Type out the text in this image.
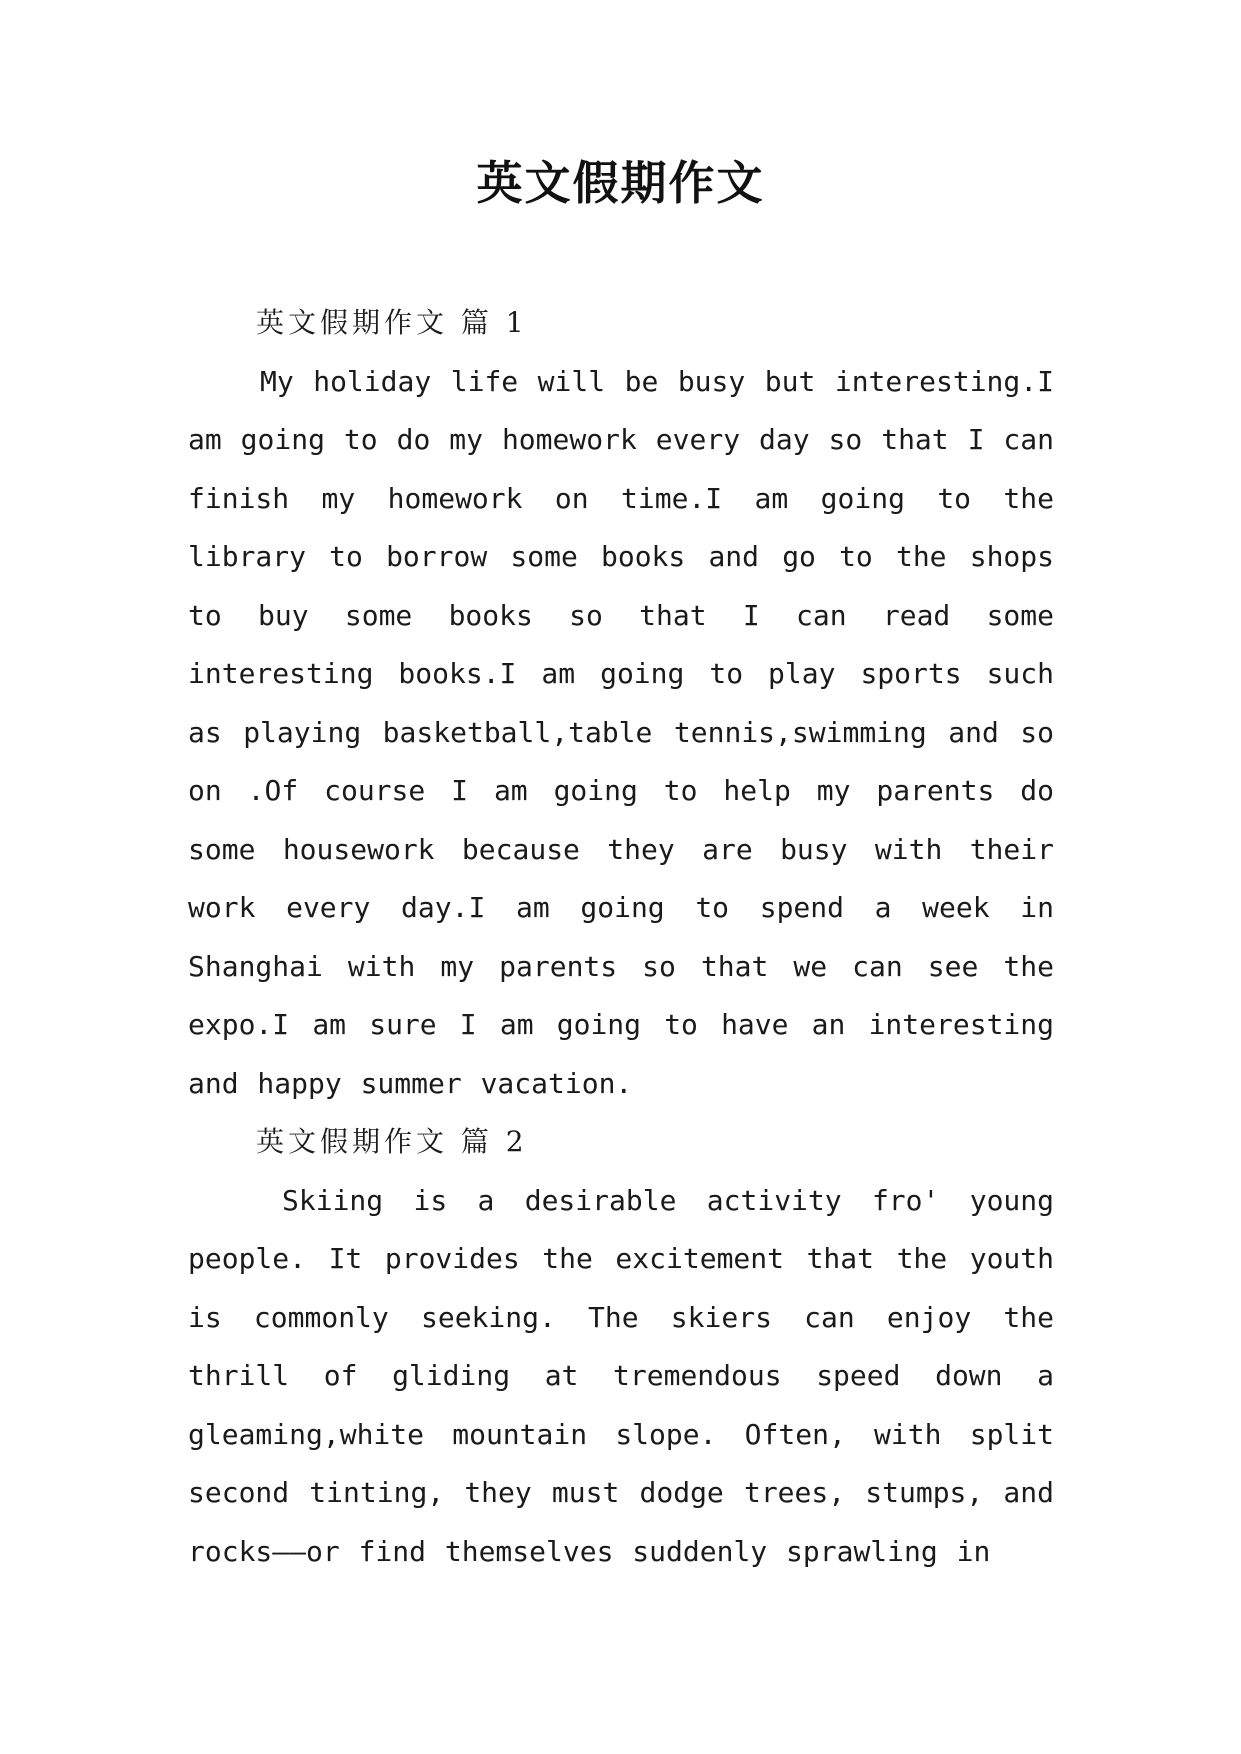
英文假期作文
英文假期作文 篇 1

My holiday life will be busy but interesting.I am going to do my homework every day so that I can finish my homework on time.I am going to the library to borrow some books and go to the shops to buy some books so that I can read some interesting books.I am going to play sports such as playing basketball,table tennis,swimming and so on .Of course I am going to help my parents do some housework because they are busy with their work every day.I am going to spend a week in Shanghai with my parents so that we can see the expo.I am sure I am going to have an interesting and happy summer vacation.

英文假期作文 篇 2

Skiing is a desirable activity fro' young people. It provides the excitement that the youth is commonly seeking. The skiers can enjoy the thrill of gliding at tremendous speed down a gleaming,white mountain slope. Often, with split second tinting, they must dodge trees, stumps, and rocks——or find themselves suddenly sprawling in
